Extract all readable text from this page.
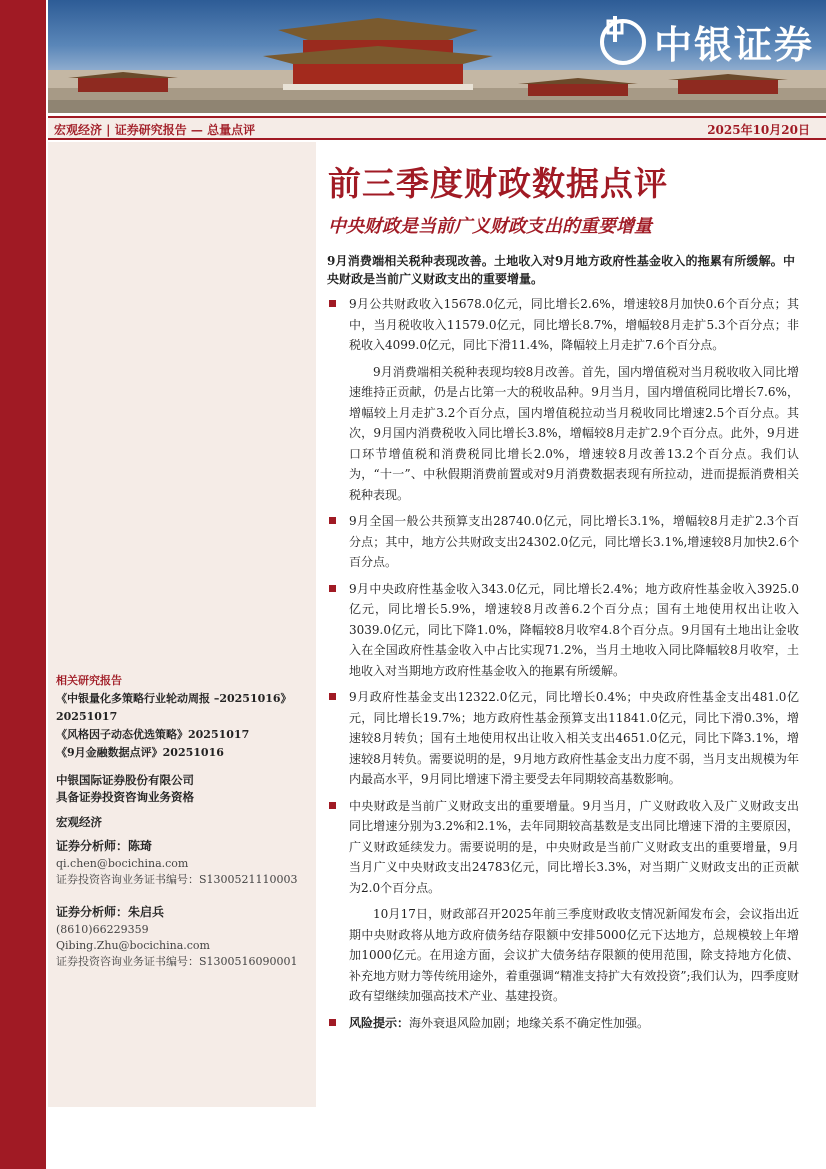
中银证券
宏观经济 | 证券研究报告 — 总量点评	2025年10月20日
前三季度财政数据点评
中央财政是当前广义财政支出的重要增量
9月消费端相关税种表现改善。土地收入对9月地方政府性基金收入的拖累有所缓解。中央财政是当前广义财政支出的重要增量。
9月公共财政收入15678.0亿元，同比增长2.6%，增速较8月加快0.6个百分点；其中，当月税收收入11579.0亿元，同比增长8.7%，增幅较8月走扩5.3个百分点；非税收入4099.0亿元，同比下滑11.4%，降幅较上月走扩7.6个百分点。
9月消费端相关税种表现均较8月改善。首先，国内增值税对当月税收收入同比增速维持正贡献，仍是占比第一大的税收品种。9月当月，国内增值税同比增长7.6%，增幅较上月走扩3.2个百分点，国内增值税拉动当月税收同比增速2.5个百分点。其次，9月国内消费税收入同比增长3.8%，增幅较8月走扩2.9个百分点。此外，9月进口环节增值税和消费税同比增长2.0%，增速较8月改善13.2个百分点。我们认为，“十一”、中秋假期消费前置或对9月消费数据表现有所拉动，进而提振消费相关税种表现。
9月全国一般公共预算支出28740.0亿元，同比增长3.1%，增幅较8月走扩2.3个百分点；其中，地方公共财政支出24302.0亿元，同比增长3.1%,增速较8月加快2.6个百分点。
9月中央政府性基金收入343.0亿元，同比增长2.4%；地方政府性基金收入3925.0亿元，同比增长5.9%，增速较8月改善6.2个百分点；国有土地使用权出让收入3039.0亿元，同比下降1.0%，降幅较8月收窄4.8个百分点。9月国有土地出让金收入在全国政府性基金收入中占比实现71.2%，当月土地收入同比降幅较8月收窄，土地收入对当期地方政府性基金收入的拖累有所缓解。
9月政府性基金支出12322.0亿元，同比增长0.4%；中央政府性基金支出481.0亿元，同比增长19.7%；地方政府性基金预算支出11841.0亿元，同比下滑0.3%，增速较8月转负；国有土地使用权出让收入相关支出4651.0亿元，同比下降3.1%，增速较8月转负。需要说明的是，9月地方政府性基金支出力度不弱，当月支出规模为年内最高水平，9月同比增速下滑主要受去年同期较高基数影响。
中央财政是当前广义财政支出的重要增量。9月当月，广义财政收入及广义财政支出同比增速分别为3.2%和2.1%，去年同期较高基数是支出同比增速下滑的主要原因，广义财政延续发力。需要说明的是，中央财政是当前广义财政支出的重要增量，9月当月广义中央财政支出24783亿元，同比增长3.3%，对当期广义财政支出的正贡献为2.0个百分点。
10月17日，财政部召开2025年前三季度财政收支情况新闻发布会，会议指出近期中央财政将从地方政府债务结存限额中安排5000亿元下达地方，总规模较上年增加1000亿元。在用途方面，会议扩大债务结存限额的使用范围，除支持地方化债、补充地方财力等传统用途外，着重强调“精准支持扩大有效投资”;我们认为，四季度财政有望继续加强高技术产业、基建投资。
风险提示：海外衰退风险加剧；地缘关系不确定性加强。
相关研究报告
《中银量化多策略行业轮动周报 –20251016》20251017
《风格因子动态优选策略》20251017
《9月金融数据点评》20251016
中银国际证券股份有限公司
具备证券投资咨询业务资格
宏观经济
证券分析师：陈琦
qi.chen@bocichina.com
证券投资咨询业务证书编号：S1300521110003
证券分析师：朱启兵
(8610)66229359
Qibing.Zhu@bocichina.com
证券投资咨询业务证书编号：S1300516090001
